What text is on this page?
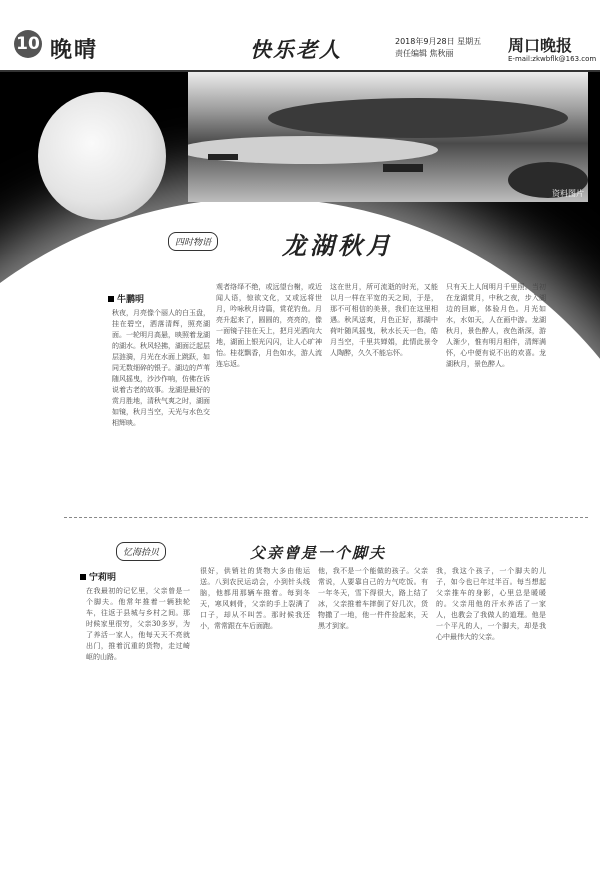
10 晚晴	快乐老人	2018年9月28日 星期五
责任编辑 焦秋丽	周口晚报
E-mail:zkwbflk@163.com
资料图片
四时物语	龙湖秋月
牛鹏明
秋夜，月亮像个丽人的白玉盘，挂在碧空，洒落清辉，照亮湖面。一轮明月高悬，映照着龙湖的湖水。秋风轻拂，湖面泛起层层涟漪，月光在水面上跳跃，如同无数细碎的银子。湖边的芦苇随风摇曳，沙沙作响，仿佛在诉说着古老的故事。龙湖是最好的赏月胜地，清秋气爽之时，湖面如镜，秋月当空，天光与水色交相辉映。
观者络绎不绝，或远望台榭，或近闻人语，惊欲文化，又或远将世月，吟咏秋月诗篇，赏花钓鱼。月亮升起来了，圆圆的，亮亮的，像一面镜子挂在天上，把月光洒向大地，湖面上银光闪闪，让人心旷神怡。桂花飘香，月色如水，游人流连忘返。
这在世月，所可流逝的时光，又能以月一样在平宽的天之间，于是，那不可相信的美景，我们在这里相遇。秋风送爽，月色正好，那湖中荷叶随风摇曳，秋水长天一色，皓月当空，千里共婵娟，此情此景令人陶醉，久久不能忘怀。
只有天上人间明月千里照。当初在龙湖赏月，中秋之夜，步入湖边的回廊，体验月色。月光如水，水如天，人在画中游。龙湖秋月，景色醉人，夜色渐深，游人渐少，惟有明月相伴，清辉满怀，心中便有说不出的欢喜。龙湖秋月，景色醉人。
忆海拾贝	父亲曾是一个脚夫
宁莉明
在我最初的记忆里，父亲曾是一个脚夫。他常年推着一辆独轮车，往返于县城与乡村之间。那时候家里很穷，父亲30多岁，为了养活一家人，他每天天不亮就出门，推着沉重的货物，走过崎岖的山路。
很好，供销社的货物大多由他运送。八到农民运动会，小到针头线脑，他都用那辆车推着。每到冬天，寒风刺骨，父亲的手上裂满了口子，却从不叫苦。那时候我还小，常常跟在车后面跑。
他，我不是一个能做的孩子。父亲常说，人要靠自己的力气吃饭。有一年冬天，雪下得很大，路上结了冰，父亲推着车摔倒了好几次，货物撒了一地，他一件件捡起来，天黑才到家。
我，我这个孩子，一个脚夫的儿子，如今也已年过半百。每当想起父亲推车的身影，心里总是暖暖的。父亲用他的汗水养活了一家人，也教会了我做人的道理。他是一个平凡的人，一个脚夫，却是我心中最伟大的父亲。
